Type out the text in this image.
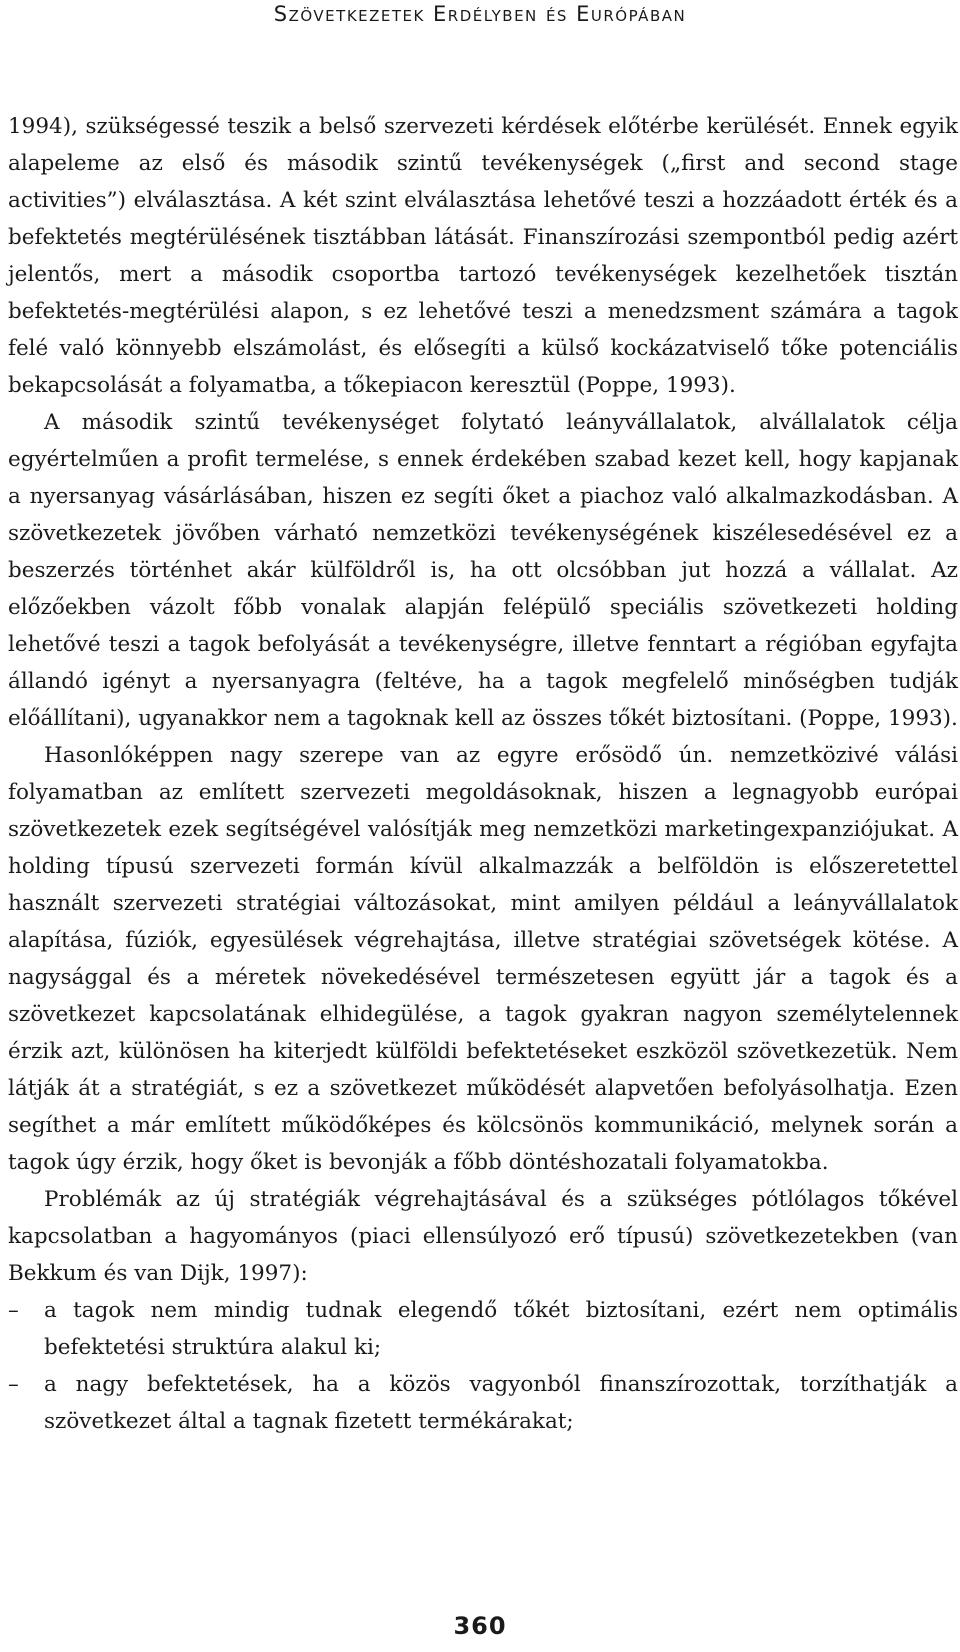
Szövetkezetek Erdélyben és Európában

1994), szükségessé teszik a belső szervezeti kérdések előtérbe kerülését. Ennek egyik alapeleme az első és második szintű tevékenységek („first and second stage activities”) elválasztása. A két szint elválasztása lehetővé teszi a hozzáadott érték és a befektetés megtérülésének tisztábban látását. Finanszírozási szempontból pedig azért jelentős, mert a második csoportba tartozó tevékenységek kezelhetőek tisztán befektetés-megtérülési alapon, s ez lehetővé teszi a menedzsment számára a tagok felé való könnyebb elszámolást, és elősegíti a külső kockázatviselő tőke potenciális bekapcsolását a folyamatba, a tőkepiacon keresztül (Poppe, 1993).

A második szintű tevékenységet folytató leányvállalatok, alvállalatok célja egyértelműen a profit termelése, s ennek érdekében szabad kezet kell, hogy kapjanak a nyersanyag vásárlásában, hiszen ez segíti őket a piachoz való alkalmazkodásban. A szövetkezetek jövőben várható nemzetközi tevékenységének kiszélesedésével ez a beszerzés történhet akár külföldről is, ha ott olcsóbban jut hozzá a vállalat. Az előzőekben vázolt főbb vonalak alapján felépülő speciális szövetkezeti holding lehetővé teszi a tagok befolyását a tevékenységre, illetve fenntart a régióban egyfajta állandó igényt a nyersanyagra (feltéve, ha a tagok megfelelő minőségben tudják előállítani), ugyanakkor nem a tagoknak kell az összes tőkét biztosítani. (Poppe, 1993).

Hasonlóképpen nagy szerepe van az egyre erősödő ún. nemzetközivé válási folyamatban az említett szervezeti megoldásoknak, hiszen a legnagyobb európai szövetkezetek ezek segítségével valósítják meg nemzetközi marketingexpanziójukat. A holding típusú szervezeti formán kívül alkalmazzák a belföldön is előszeretettel használt szervezeti stratégiai változásokat, mint amilyen például a leányvállalatok alapítása, fúziók, egyesülések végrehajtása, illetve stratégiai szövetségek kötése. A nagysággal és a méretek növekedésével természetesen együtt jár a tagok és a szövetkezet kapcsolatának elhidegülése, a tagok gyakran nagyon személytelennek érzik azt, különösen ha kiterjedt külföldi befektetéseket eszközöl szövetkezetük. Nem látják át a stratégiát, s ez a szövetkezet működését alapvetően befolyásolhatja. Ezen segíthet a már említett működőképes és kölcsönös kommunikáció, melynek során a tagok úgy érzik, hogy őket is bevonják a főbb döntéshozatali folyamatokba.

Problémák az új stratégiák végrehajtásával és a szükséges pótlólagos tőkével kapcsolatban a hagyományos (piaci ellensúlyozó erő típusú) szövetkezetekben (van Bekkum és van Dijk, 1997):

– a tagok nem mindig tudnak elegendő tőkét biztosítani, ezért nem optimális befektetési struktúra alakul ki;
– a nagy befektetések, ha a közös vagyonból finanszírozottak, torzíthatják a szövetkezet által a tagnak fizetett termékárakat;
360
